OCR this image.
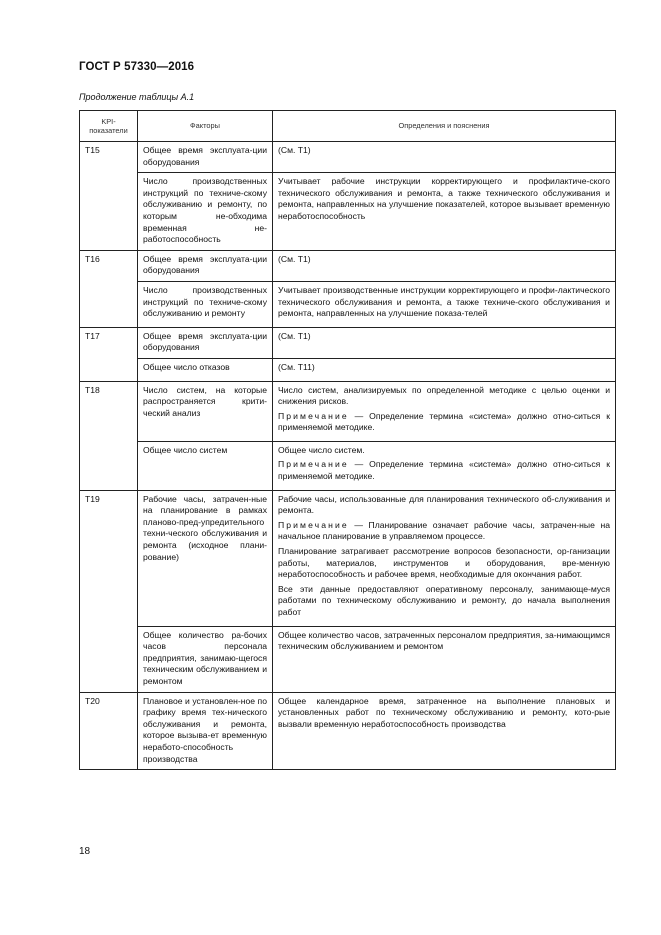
ГОСТ Р 57330—2016
Продолжение таблицы А.1
KPI-показатели	Факторы	Определения и пояснения
T15	Общее время эксплуата-ции оборудования	(См. Т1)

	Число производственных инструкций по техниче-скому обслуживанию и ремонту, по которым не-обходима временная не-работоспособность	Учитывает рабочие инструкции корректирующего и профилактиче-ского технического обслуживания и ремонта, а также технического обслуживания и ремонта, направленных на улучшение показателей, которое вызывает временную неработоспособность

T16	Общее время эксплуата-ции оборудования	(См. Т1)

	Число производственных инструкций по техниче-скому обслуживанию и ремонту	Учитывает производственные инструкции корректирующего и профи-лактического технического обслуживания и ремонта, а также техниче-ского обслуживания и ремонта, направленных на улучшение показа-телей

T17	Общее время эксплуата-ции оборудования	(См. Т1)

	Общее число отказов	(См. Т11)

T18	Число систем, на которые распространяется крити-ческий анализ	Число систем, анализируемых по определенной методике с целью оценки и снижения рисков.
Примечание — Определение термина «система» должно отно-ситься к применяемой методике.

	Общее число систем	Общее число систем.
Примечание — Определение термина «система» должно отно-ситься к применяемой методике.

T19	Рабочие часы, затрачен-ные на планирование в рамках планово-пред-упредительного техни-ческого обслуживания и ремонта (исходное плани-рование)	Рабочие часы, использованные для планирования технического об-служивания и ремонта.
Примечание — Планирование означает рабочие часы, затрачен-ные на начальное планирование в управляемом процессе.
Планирование затрагивает рассмотрение вопросов безопасности, ор-ганизации работы, материалов, инструментов и оборудования, вре-менную неработоспособность и рабочее время, необходимые для окончания работ.
Все эти данные предоставляют оперативному персоналу, занимающе-муся работами по техническому обслуживанию и ремонту, до начала выполнения работ

	Общее количество ра-бочих часов персонала предприятия, занимаю-щегося техническим обслуживанием и ремонтом	Общее количество часов, затраченных персоналом предприятия, за-нимающимся техническим обслуживанием и ремонтом

T20	Плановое и установлен-ное по графику время тех-нического обслуживания и ремонта, которое вызыва-ет временную неработо-способность производства	Общее календарное время, затраченное на выполнение плановых и установленных работ по техническому обслуживанию и ремонту, кото-рые вызвали временную неработоспособность производства
18
